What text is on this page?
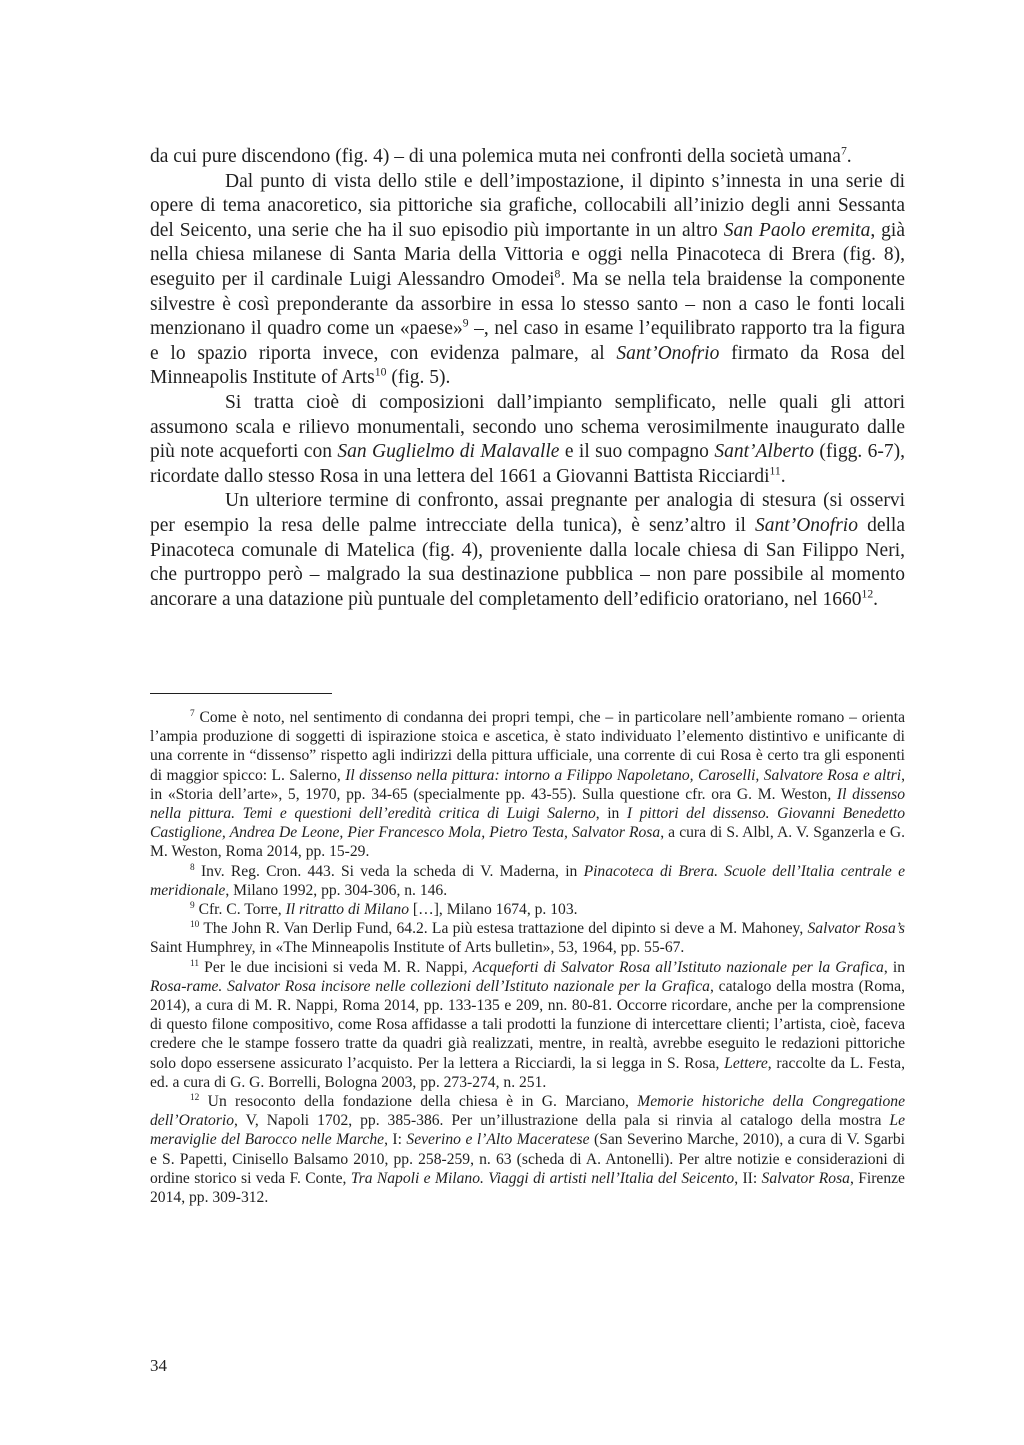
da cui pure discendono (fig. 4) – di una polemica muta nei confronti della società umana$^7$.

Dal punto di vista dello stile e dell’impostazione, il dipinto s’innesta in una serie di opere di tema anacoretico, sia pittoriche sia grafiche, collocabili all’inizio degli anni Sessanta del Seicento, una serie che ha il suo episodio più importante in un altro San Paolo eremita, già nella chiesa milanese di Santa Maria della Vittoria e oggi nella Pinacoteca di Brera (fig. 8), eseguito per il cardinale Luigi Alessandro Omodei$^8$. Ma se nella tela braidense la componente silvestre è così preponderante da assorbire in essa lo stesso santo – non a caso le fonti locali menzionano il quadro come un «paese»$^9$ –, nel caso in esame l’equilibrato rapporto tra la figura e lo spazio riporta invece, con evidenza palmare, al Sant’Onofrio firmato da Rosa del Minneapolis Institute of Arts$^{10}$ (fig. 5).

Si tratta cioè di composizioni dall’impianto semplificato, nelle quali gli attori assumono scala e rilievo monumentali, secondo uno schema verosimilmente inaugurato dalle più note acqueforti con San Guglielmo di Malavalle e il suo compagno Sant’Alberto (figg. 6-7), ricordate dallo stesso Rosa in una lettera del 1661 a Giovanni Battista Ricciardi$^{11}$.

Un ulteriore termine di confronto, assai pregnante per analogia di stesura (si osservi per esempio la resa delle palme intrecciate della tunica), è senz’altro il Sant’Onofrio della Pinacoteca comunale di Matelica (fig. 4), proveniente dalla locale chiesa di San Filippo Neri, che purtroppo però – malgrado la sua destinazione pubblica – non pare possibile al momento ancorare a una datazione più puntuale del completamento dell’edificio oratoriano, nel 1660$^{12}$.

$^7$ Come è noto, nel sentimento di condanna dei propri tempi, che – in particolare nell’ambiente romano – orienta l’ampia produzione di soggetti di ispirazione stoica e ascetica, è stato individuato l’elemento distintivo e unificante di una corrente in “dissenso” rispetto agli indirizzi della pittura ufficiale, una corrente di cui Rosa è certo tra gli esponenti di maggior spicco: L. Salerno, Il dissenso nella pittura: intorno a Filippo Napoletano, Caroselli, Salvatore Rosa e altri, in «Storia dell’arte», 5, 1970, pp. 34-65 (specialmente pp. 43-55). Sulla questione cfr. ora G. M. Weston, Il dissenso nella pittura. Temi e questioni dell’eredità critica di Luigi Salerno, in I pittori del dissenso. Giovanni Benedetto Castiglione, Andrea De Leone, Pier Francesco Mola, Pietro Testa, Salvator Rosa, a cura di S. Albl, A. V. Sganzerla e G. M. Weston, Roma 2014, pp. 15-29.

$^8$ Inv. Reg. Cron. 443. Si veda la scheda di V. Maderna, in Pinacoteca di Brera. Scuole dell’Italia centrale e meridionale, Milano 1992, pp. 304-306, n. 146.

$^9$ Cfr. C. Torre, Il ritratto di Milano […], Milano 1674, p. 103.

$^{10}$ The John R. Van Derlip Fund, 64.2. La più estesa trattazione del dipinto si deve a M. Mahoney, Salvator Rosa’s Saint Humphrey, in «The Minneapolis Institute of Arts bulletin», 53, 1964, pp. 55-67.

$^{11}$ Per le due incisioni si veda M. R. Nappi, Acqueforti di Salvator Rosa all’Istituto nazionale per la Grafica, in Rosa-rame. Salvator Rosa incisore nelle collezioni dell’Istituto nazionale per la Grafica, catalogo della mostra (Roma, 2014), a cura di M. R. Nappi, Roma 2014, pp. 133-135 e 209, nn. 80-81. Occorre ricordare, anche per la comprensione di questo filone compositivo, come Rosa affidasse a tali prodotti la funzione di intercettare clienti; l’artista, cioè, faceva credere che le stampe fossero tratte da quadri già realizzati, mentre, in realtà, avrebbe eseguito le redazioni pittoriche solo dopo essersene assicurato l’acquisto. Per la lettera a Ricciardi, la si legga in S. Rosa, Lettere, raccolte da L. Festa, ed. a cura di G. G. Borrelli, Bologna 2003, pp. 273-274, n. 251.

$^{12}$ Un resoconto della fondazione della chiesa è in G. Marciano, Memorie historiche della Congregatione dell’Oratorio, V, Napoli 1702, pp. 385-386. Per un’illustrazione della pala si rinvia al catalogo della mostra Le meraviglie del Barocco nelle Marche, I: Severino e l’Alto Maceratese (San Severino Marche, 2010), a cura di V. Sgarbi e S. Papetti, Cinisello Balsamo 2010, pp. 258-259, n. 63 (scheda di A. Antonelli). Per altre notizie e considerazioni di ordine storico si veda F. Conte, Tra Napoli e Milano. Viaggi di artisti nell’Italia del Seicento, II: Salvator Rosa, Firenze 2014, pp. 309-312.

34
